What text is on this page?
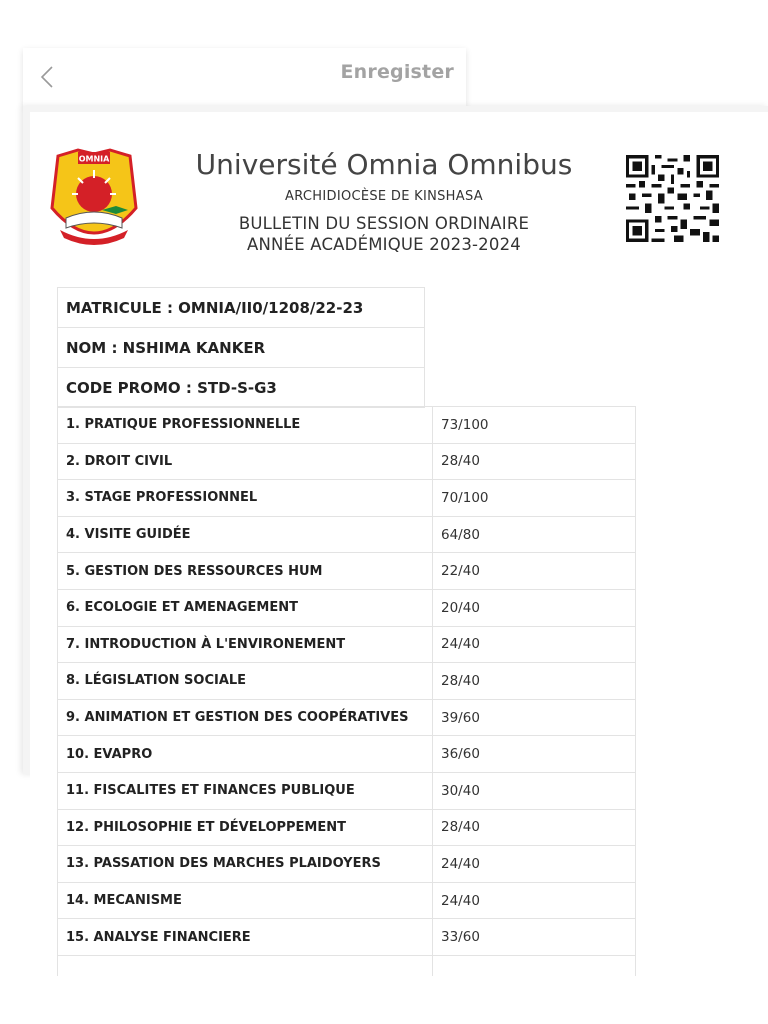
Enregister
OMNIA	Université Omnia Omnibus
ARCHIDIOCÈSE DE KINSHASA
BULLETIN DU SESSION ORDINAIRE
ANNÉE ACADÉMIQUE 2023-2024
MATRICULE : OMNIA/II0/1208/22-23
NOM : NSHIMA KANKER
CODE PROMO : STD-S-G3
1. PRATIQUE PROFESSIONNELLE	73/100
2. DROIT CIVIL	28/40
3. STAGE PROFESSIONNEL	70/100
4. VISITE GUIDÉE	64/80
5. GESTION DES RESSOURCES HUM	22/40
6. ECOLOGIE ET AMENAGEMENT	20/40
7. INTRODUCTION À L'ENVIRONEMENT	24/40
8. LÉGISLATION SOCIALE	28/40
9. ANIMATION ET GESTION DES COOPÉRATIVES	39/60
10. EVAPRO	36/60
11. FISCALITES ET FINANCES PUBLIQUE	30/40
12. PHILOSOPHIE ET DÉVELOPPEMENT	28/40
13. PASSATION DES MARCHES PLAIDOYERS	24/40
14. MECANISME	24/40
15. ANALYSE FINANCIERE	33/60
